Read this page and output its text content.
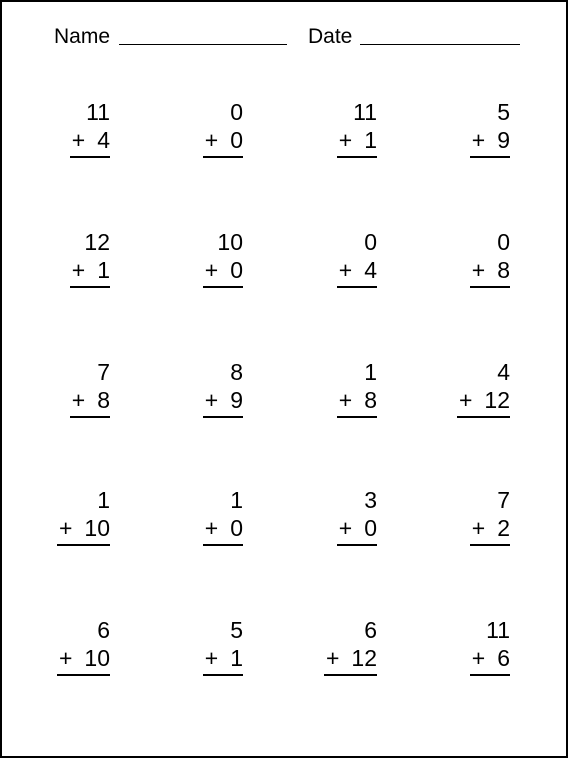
Name	Date
11
+ 4
0
+ 0
11
+ 1
5
+ 9
12
+ 1
10
+ 0
0
+ 4
0
+ 8
7
+ 8
8
+ 9
1
+ 8
4
+ 12
1
+ 10
1
+ 0
3
+ 0
7
+ 2
6
+ 10
5
+ 1
6
+ 12
11
+ 6
